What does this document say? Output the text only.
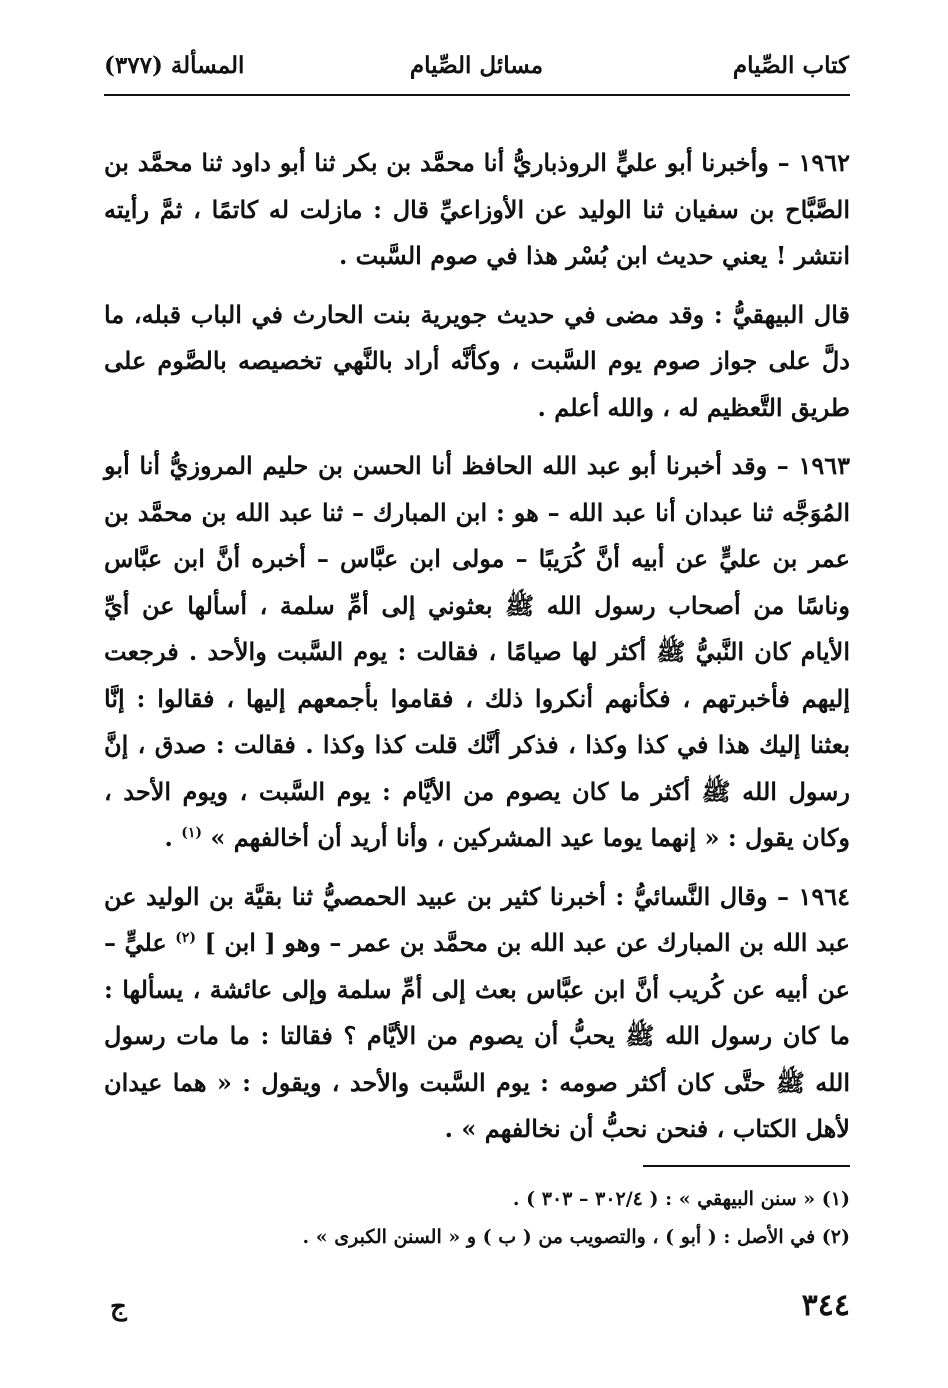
كتاب الصِّيام
مسائل الصِّيام
المسألة (٣٧٧)

١٩٦٢ – وأخبرنا أبو عليٍّ الروذباريُّ أنا محمَّد بن بكر ثنا أبو داود ثنا محمَّد بن الصَّبَّاح بن سفيان ثنا الوليد عن الأوزاعيِّ قال : مازلت له كاتمًا ، ثمَّ رأيته انتشر ! يعني حديث ابن بُسْر هذا في صوم السَّبت .

قال البيهقيُّ : وقد مضى في حديث جويرية بنت الحارث في الباب قبله، ما دلَّ على جواز صوم يوم السَّبت ، وكأنَّه أراد بالنَّهي تخصيصه بالصَّوم على طريق التَّعظيم له ، والله أعلم .

١٩٦٣ – وقد أخبرنا أبو عبد الله الحافظ أنا الحسن بن حليم المروزيُّ أنا أبو المُوَجَّه ثنا عبدان أنا عبد الله – هو : ابن المبارك – ثنا عبد الله بن محمَّد بن عمر بن عليٍّ عن أبيه أنَّ كُرَيبًا – مولى ابن عبَّاس – أخبره أنَّ ابن عبَّاس وناسًا من أصحاب رسول الله ﷺ بعثوني إلى أمِّ سلمة ، أسألها عن أيِّ الأيام كان النَّبيُّ ﷺ أكثر لها صيامًا ، فقالت : يوم السَّبت والأحد . فرجعت إليهم فأخبرتهم ، فكأنهم أنكروا ذلك ، فقاموا بأجمعهم إليها ، فقالوا : إنَّا بعثنا إليك هذا في كذا وكذا ، فذكر أنَّك قلت كذا وكذا . فقالت : صدق ، إنَّ رسول الله ﷺ أكثر ما كان يصوم من الأيَّام : يوم السَّبت ، ويوم الأحد ، وكان يقول : « إنهما يوما عيد المشركين ، وأنا أريد أن أخالفهم » $^{(١)}$ .

١٩٦٤ – وقال النَّسائيُّ : أخبرنا كثير بن عبيد الحمصيُّ ثنا بقيَّة بن الوليد عن عبد الله بن المبارك عن عبد الله بن محمَّد بن عمر – وهو [ ابن ] $^{(٢)}$ عليٍّ – عن أبيه عن كُريب أنَّ ابن عبَّاس بعث إلى أمِّ سلمة وإلى عائشة ، يسألها : ما كان رسول الله ﷺ يحبُّ أن يصوم من الأيَّام ؟ فقالتا : ما مات رسول الله ﷺ حتَّى كان أكثر صومه : يوم السَّبت والأحد ، ويقول : « هما عيدان لأهل الكتاب ، فنحن نحبُّ أن نخالفهم » .

(١) « سنن البيهقي » : ( ٣٠٢/٤ – ٣٠٣ ) .
(٢) في الأصل : ( أبو ) ، والتصويب من ( ب ) و « السنن الكبرى » .
٣٤٤
ج
